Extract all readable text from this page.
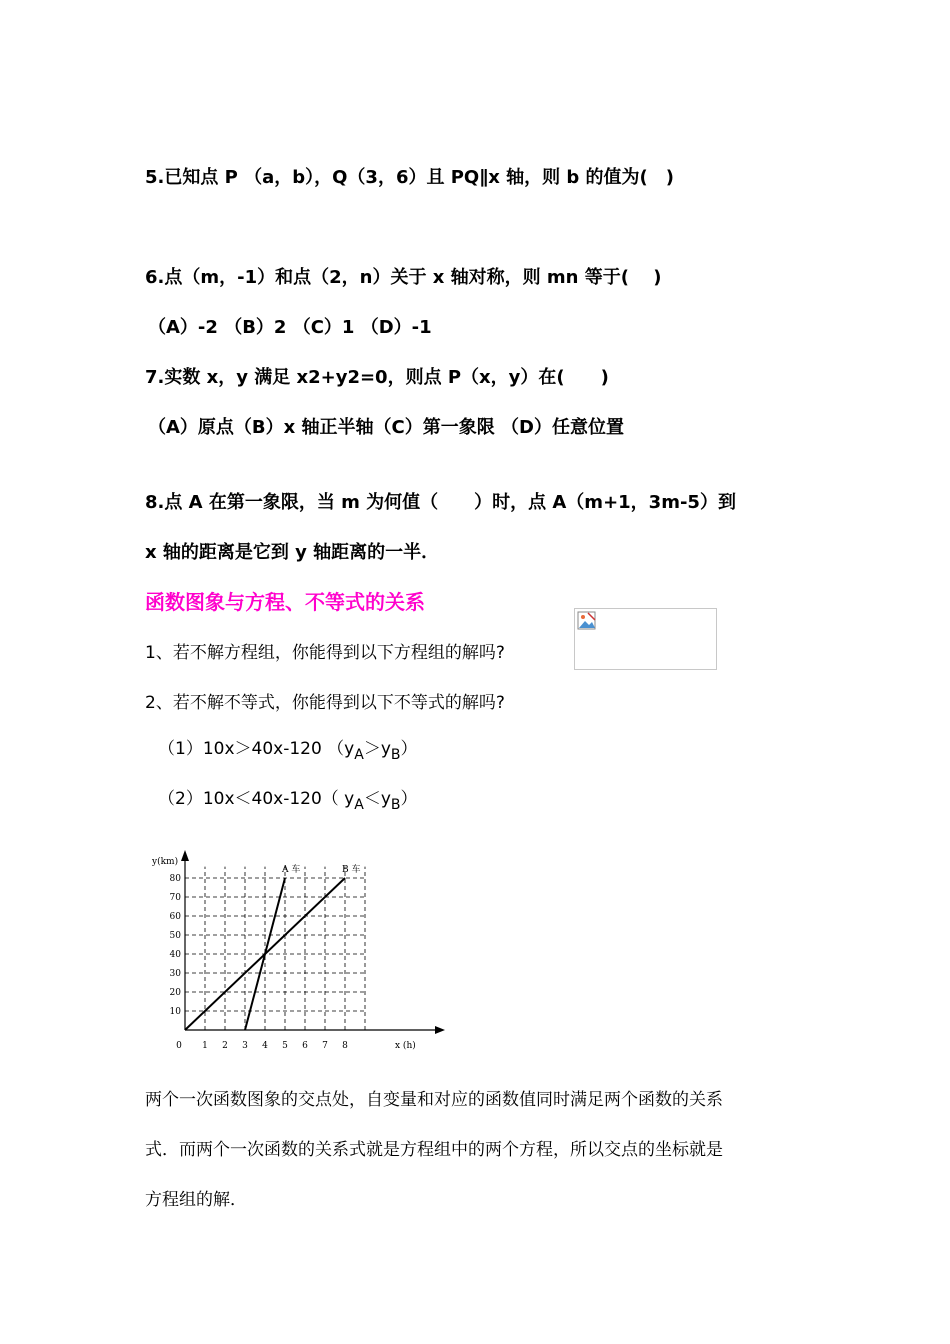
5.已知点 P （a，b），Q（3，6）且 PQ∥x 轴，则 b 的值为(　)
6.点（m，-1）和点（2，n）关于 x 轴对称，则 mn 等于(　 )
（A）-2 （B）2 （C）1 （D）-1
7.实数 x，y 满足 x2+y2=0，则点 P（x，y）在(　　)
（A）原点（B）x 轴正半轴（C）第一象限 （D）任意位置
8.点 A 在第一象限，当 m 为何值（　　）时，点 A（m+1，3m-5）到
x 轴的距离是它到 y 轴距离的一半．
函数图象与方程、不等式的关系
1、若不解方程组，你能得到以下方程组的解吗?
2、若不解不等式，你能得到以下不等式的解吗?
（1）10x＞40x-120 $(y_A>y_B)$
（2）10x＜40x-120（ $y_A<y_B$）
0 1 2 3 4 5 6 7 8
10
20
30
40
50
60
70
80
y(km)
x (h)
A 车	B 车
两个一次函数图象的交点处，自变量和对应的函数值同时满足两个函数的关系
式．而两个一次函数的关系式就是方程组中的两个方程，所以交点的坐标就是
方程组的解．
